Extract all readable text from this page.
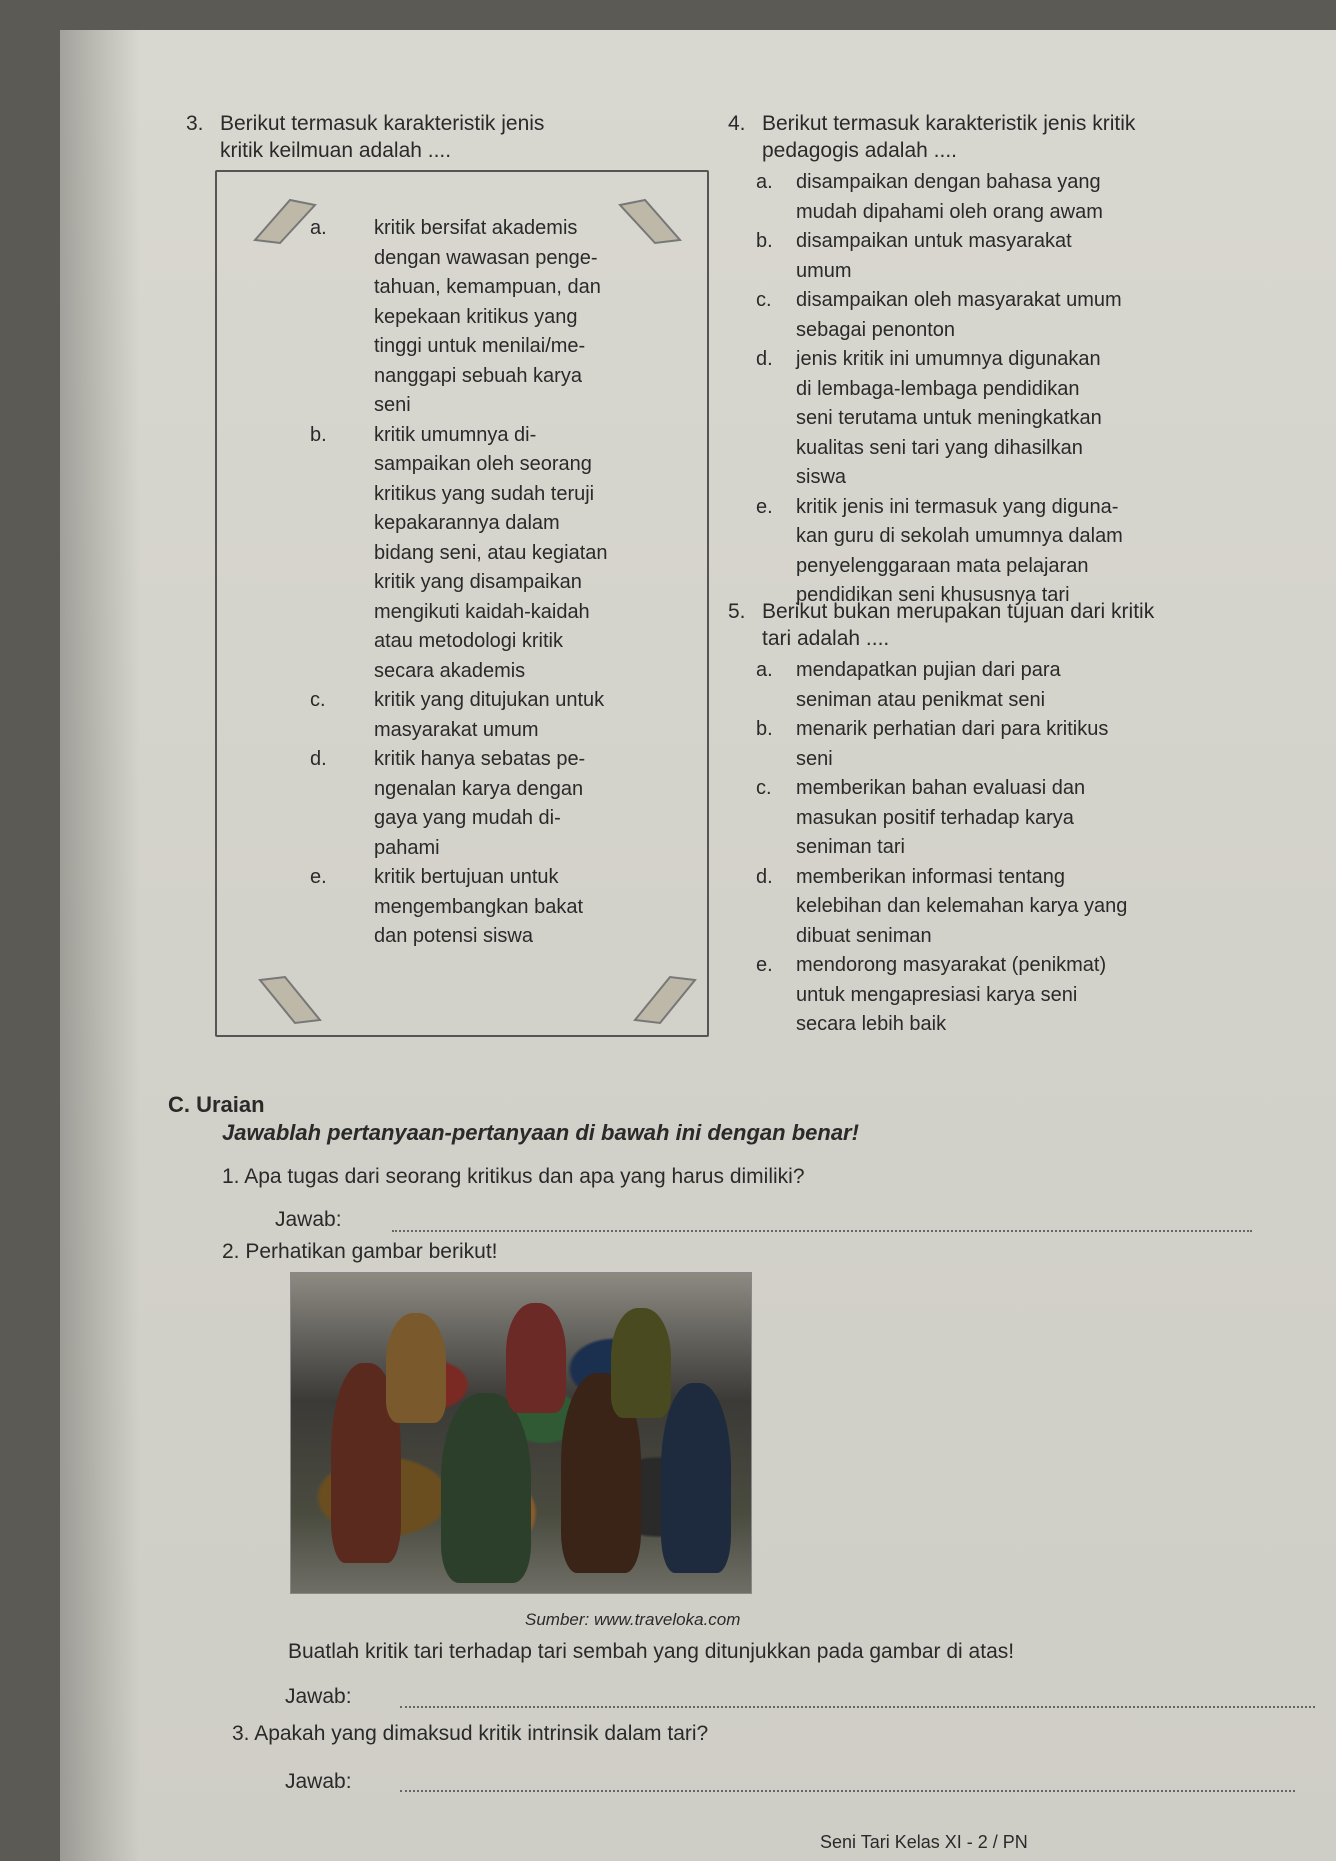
3. Berikut termasuk karakteristik jenis
kritik keilmuan adalah ....
a. kritik bersifat akademis
dengan wawasan penge-
tahuan, kemampuan, dan
kepekaan kritikus yang
tinggi untuk menilai/me-
nanggapi sebuah karya
seni
b. kritik umumnya di-
sampaikan oleh seorang
kritikus yang sudah teruji
kepakarannya dalam
bidang seni, atau kegiatan
kritik yang disampaikan
mengikuti kaidah-kaidah
atau metodologi kritik
secara akademis
c. kritik yang ditujukan untuk
masyarakat umum
d. kritik hanya sebatas pe-
ngenalan karya dengan
gaya yang mudah di-
pahami
e. kritik bertujuan untuk
mengembangkan bakat
dan potensi siswa
4. Berikut termasuk karakteristik jenis kritik
pedagogis adalah ....
a. disampaikan dengan bahasa yang
mudah dipahami oleh orang awam
b. disampaikan untuk masyarakat
umum
c. disampaikan oleh masyarakat umum
sebagai penonton
d. jenis kritik ini umumnya digunakan
di lembaga-lembaga pendidikan
seni terutama untuk meningkatkan
kualitas seni tari yang dihasilkan
siswa
e. kritik jenis ini termasuk yang diguna-
kan guru di sekolah umumnya dalam
penyelenggaraan mata pelajaran
pendidikan seni khususnya tari
5. Berikut bukan merupakan tujuan dari kritik
tari adalah ....
a. mendapatkan pujian dari para
seniman atau penikmat seni
b. menarik perhatian dari para kritikus
seni
c. memberikan bahan evaluasi dan
masukan positif terhadap karya
seniman tari
d. memberikan informasi tentang
kelebihan dan kelemahan karya yang
dibuat seniman
e. mendorong masyarakat (penikmat)
untuk mengapresiasi karya seni
secara lebih baik
C. Uraian
Jawablah pertanyaan-pertanyaan di bawah ini dengan benar!
1. Apa tugas dari seorang kritikus dan apa yang harus dimiliki?
Jawab:
2. Perhatikan gambar berikut!
Sumber: www.traveloka.com
Buatlah kritik tari terhadap tari sembah yang ditunjukkan pada gambar di atas!
Jawab:
3. Apakah yang dimaksud kritik intrinsik dalam tari?
Jawab:
Seni Tari Kelas XI - 2 / PN
